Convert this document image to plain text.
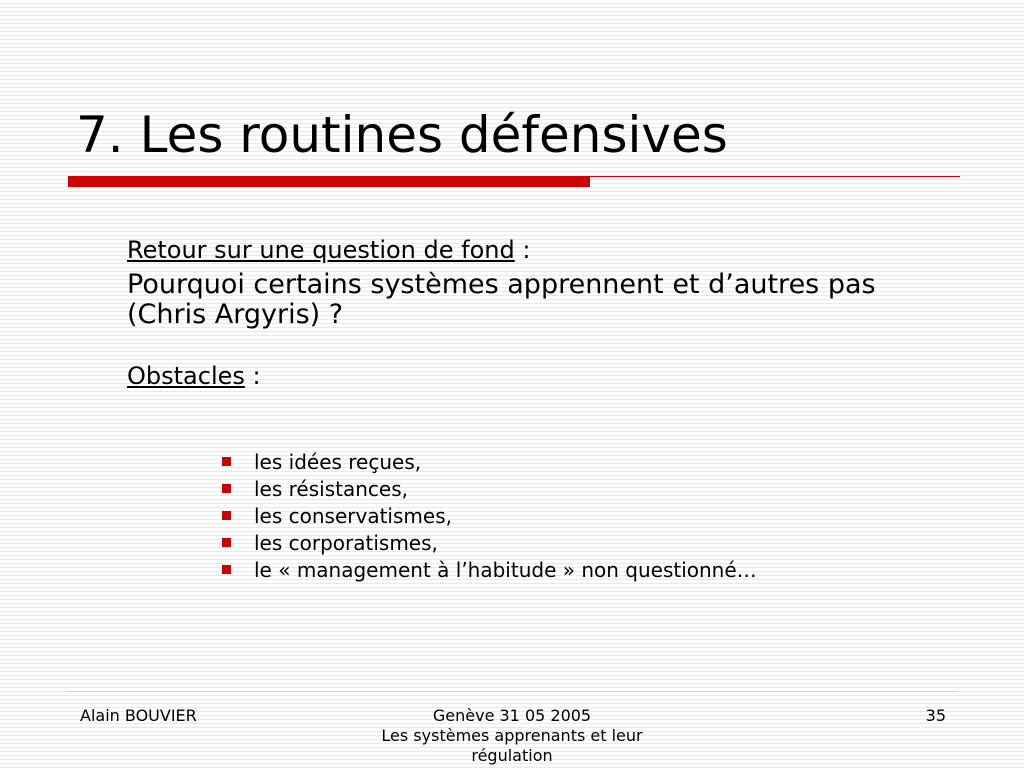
7. Les routines défensives
Retour sur une question de fond :
Pourquoi certains systèmes apprennent et d’autres pas (Chris Argyris) ?
Obstacles :
les idées reçues,
les résistances,
les conservatismes,
les corporatismes,
le « management à l’habitude » non questionné…
Alain BOUVIER	Genève 31 05 2005
Les systèmes apprenants et leur
régulation
35
